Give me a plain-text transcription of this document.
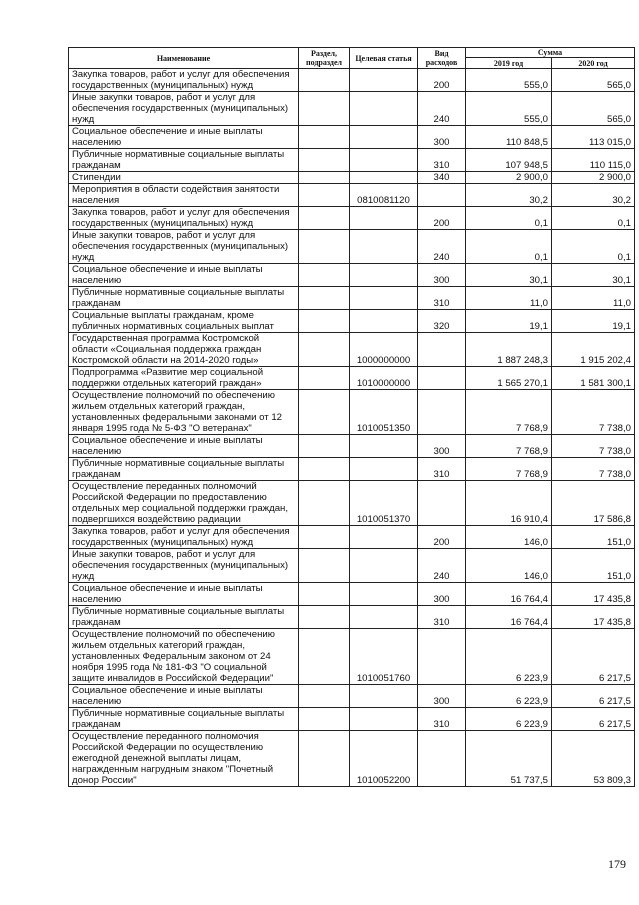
Наименование	Раздел, подраздел	Целевая статья	Вид расходов	Сумма	
				2019 год	2020 год
Закупка товаров, работ и услуг для обеспечения государственных (муниципальных) нужд			200	555,0	565,0
Иные закупки товаров, работ и услуг для обеспечения государственных (муниципальных) нужд			240	555,0	565,0
Социальное обеспечение и иные выплаты населению			300	110 848,5	113 015,0
Публичные нормативные социальные выплаты гражданам			310	107 948,5	110 115,0
Стипендии			340	2 900,0	2 900,0
Мероприятия в области содействия занятости населения		0810081120		30,2	30,2
Закупка товаров, работ и услуг для обеспечения государственных (муниципальных) нужд			200	0,1	0,1
Иные закупки товаров, работ и услуг для обеспечения государственных (муниципальных) нужд			240	0,1	0,1
Социальное обеспечение и иные выплаты населению			300	30,1	30,1
Публичные нормативные социальные выплаты гражданам			310	11,0	11,0
Социальные выплаты гражданам, кроме публичных нормативных социальных выплат			320	19,1	19,1
Государственная программа Костромской области «Социальная поддержка граждан Костромской области на 2014-2020 годы»		1000000000		1 887 248,3	1 915 202,4
Подпрограмма «Развитие мер социальной поддержки отдельных категорий граждан»		1010000000		1 565 270,1	1 581 300,1
Осуществление полномочий по обеспечению жильем отдельных категорий граждан, установленных федеральными законами от 12 января 1995 года № 5-ФЗ "О ветеранах"		1010051350		7 768,9	7 738,0
Социальное обеспечение и иные выплаты населению			300	7 768,9	7 738,0
Публичные нормативные социальные выплаты гражданам			310	7 768,9	7 738,0
Осуществление переданных полномочий Российской Федерации по предоставлению отдельных мер социальной поддержки граждан, подвергшихся воздействию радиации		1010051370		16 910,4	17 586,8
Закупка товаров, работ и услуг для обеспечения государственных (муниципальных) нужд			200	146,0	151,0
Иные закупки товаров, работ и услуг для обеспечения государственных (муниципальных) нужд			240	146,0	151,0
Социальное обеспечение и иные выплаты населению			300	16 764,4	17 435,8
Публичные нормативные социальные выплаты гражданам			310	16 764,4	17 435,8
Осуществление полномочий по обеспечению жильем отдельных категорий граждан, установленных Федеральным законом от 24 ноября 1995 года № 181-ФЗ "О социальной защите инвалидов в Российской Федерации"		1010051760		6 223,9	6 217,5
Социальное обеспечение и иные выплаты населению			300	6 223,9	6 217,5
Публичные нормативные социальные выплаты гражданам			310	6 223,9	6 217,5
Осуществление переданного полномочия Российской Федерации по осуществлению ежегодной денежной выплаты лицам, награжденным нагрудным знаком "Почетный донор России"		1010052200		51 737,5	53 809,3
179
